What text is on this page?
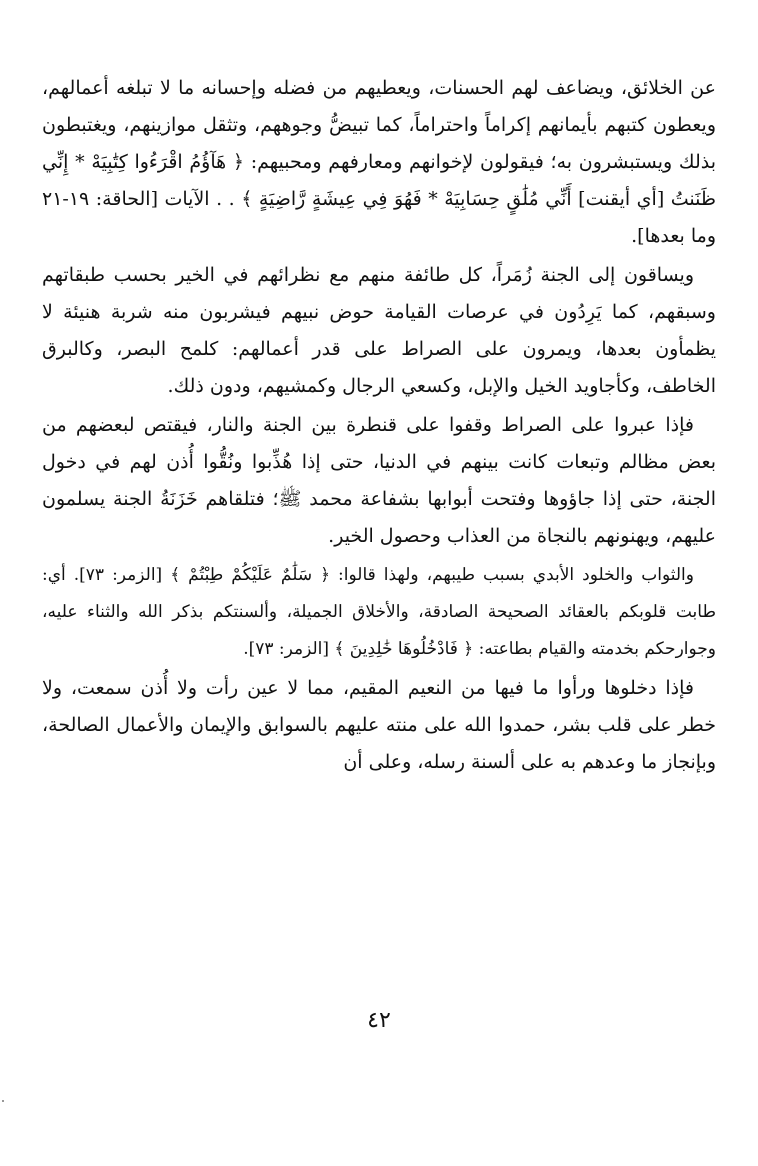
عن الخلائق، ويضاعف لهم الحسنات، ويعطيهم من فضله وإحسانه ما لا تبلغه أعمالهم، ويعطون كتبهم بأيمانهم إكراماً واحتراماً، كما تبيضُّ وجوههم، وتثقل موازينهم، ويغتبطون بذلك ويستبشرون به؛ فيقولون لإخوانهم ومعارفهم ومحبيهم: ﴿ هَآؤُمُ اقْرَءُوا كِتَٰبِيَهْ * إِنِّي ظَنَنتُ [أي أيقنت] أَنِّي مُلَٰقٍ حِسَابِيَهْ * فَهُوَ فِي عِيشَةٍ رَّاضِيَةٍ ﴾ . . الآيات [الحاقة: ١٩-٢١ وما بعدها].

ويساقون إلى الجنة زُمَراً، كل طائفة منهم مع نظرائهم في الخير بحسب طبقاتهم وسبقهم، كما يَرِدُون في عرصات القيامة حوض نبيهم فيشربون منه شربة هنيئة لا يظمأون بعدها، ويمرون على الصراط على قدر أعمالهم: كلمح البصر، وكالبرق الخاطف، وكأجاويد الخيل والإبل، وكسعي الرجال وكمشيهم، ودون ذلك.

فإذا عبروا على الصراط وقفوا على قنطرة بين الجنة والنار، فيقتص لبعضهم من بعض مظالم وتبعات كانت بينهم في الدنيا، حتى إذا هُذِّبوا ونُقُّوا أُذن لهم في دخول الجنة، حتى إذا جاؤوها وفتحت أبوابها بشفاعة محمد ﷺ؛ فتلقاهم خَزَنَةُ الجنة يسلمون عليهم، ويهنونهم بالنجاة من العذاب وحصول الخير.

والثواب والخلود الأبدي بسبب طيبهم، ولهذا قالوا: ﴿ سَلَٰمٌ عَلَيْكُمْ طِبْتُمْ ﴾ [الزمر: ٧٣]. أي: طابت قلوبكم بالعقائد الصحيحة الصادقة، والأخلاق الجميلة، وألسنتكم بذكر الله والثناء عليه، وجوارحكم بخدمته والقيام بطاعته: ﴿ فَادْخُلُوهَا خَٰلِدِينَ ﴾ [الزمر: ٧٣].

فإذا دخلوها ورأوا ما فيها من النعيم المقيم، مما لا عين رأت ولا أُذن سمعت، ولا خطر على قلب بشر، حمدوا الله على منته عليهم بالسوابق والإيمان والأعمال الصالحة، وبإنجاز ما وعدهم به على ألسنة رسله، وعلى أن

٤٢
